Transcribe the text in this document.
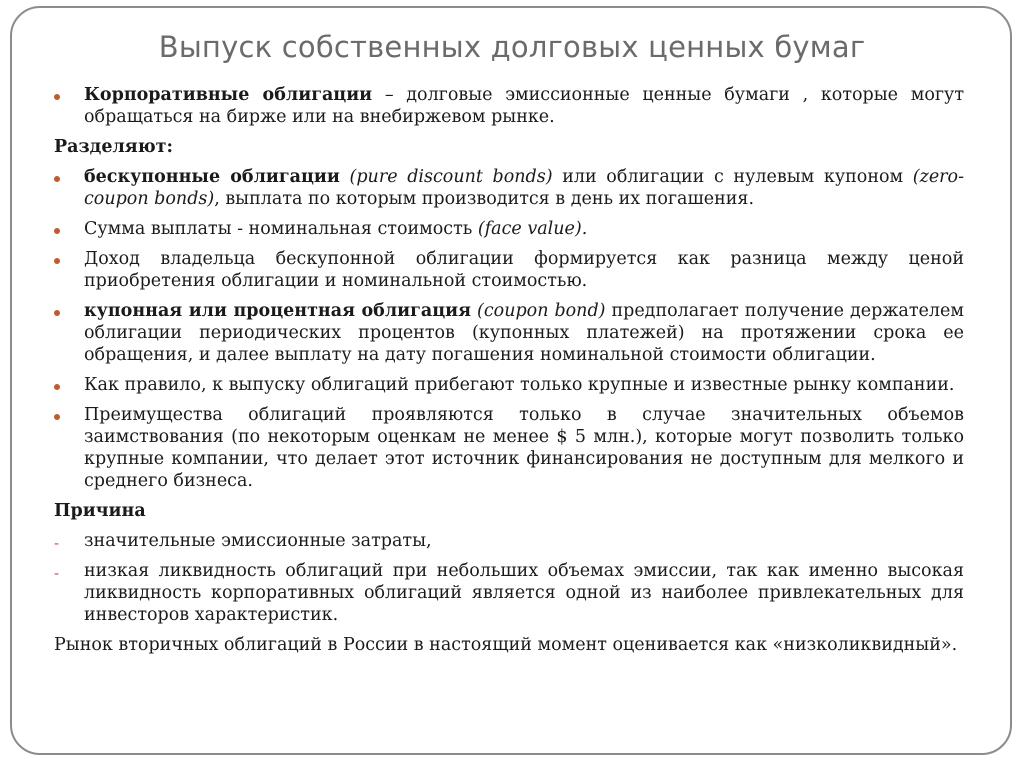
Выпуск собственных долговых ценных бумаг
Корпоративные облигации – долговые эмиссионные ценные бумаги , которые могут обращаться на бирже или на внебиржевом рынке.
Разделяют:
бескупонные облигации (pure discount bonds) или облигации с нулевым купоном (zero-coupon bonds), выплата по которым производится в день их погашения.
Сумма выплаты - номинальная стоимость (face value).
Доход владельца бескупонной облигации формируется как разница между ценой приобретения облигации и номинальной стоимостью.
купонная или процентная облигация (coupon bond) предполагает получение держателем облигации периодических процентов (купонных платежей) на протяжении срока ее обращения, и далее выплату на дату погашения номинальной стоимости облигации.
Как правило, к выпуску облигаций прибегают только крупные и известные рынку компании.
Преимущества облигаций проявляются только в случае значительных объемов заимствования (по некоторым оценкам не менее $ 5 млн.), которые могут позволить только крупные компании, что делает этот источник финансирования не доступным для мелкого и среднего бизнеса.
Причина
- значительные эмиссионные затраты,
- низкая ликвидность облигаций при небольших объемах эмиссии, так как именно высокая ликвидность корпоративных облигаций является одной из наиболее привлекательных для инвесторов характеристик.
Рынок вторичных облигаций в России в настоящий момент оценивается как «низколиквидный».
